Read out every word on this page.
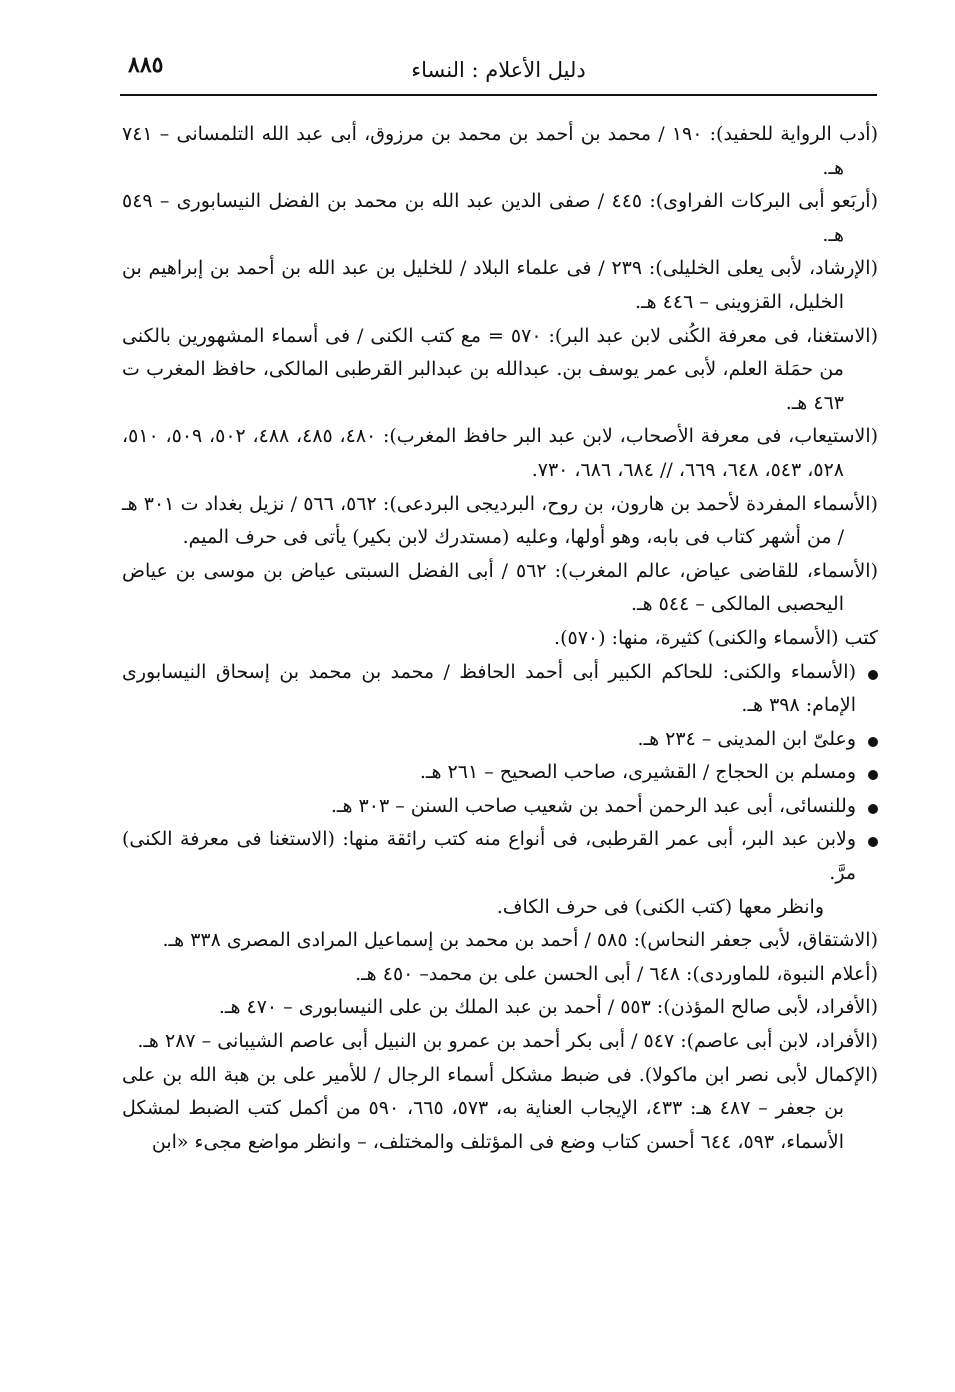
٨٨٥	دليل الأعلام : النساء

(أدب الرواية للحفيد): ١٩٠ / محمد بن أحمد بن محمد بن مرزوق، أبى عبد الله التلمسانى – ٧٤١ هـ.

(أربَعو أبى البركات الفراوى): ٤٤٥ / صفى الدين عبد الله بن محمد بن الفضل النيسابورى – ٥٤٩ هـ.

(الإرشاد، لأبى يعلى الخليلى): ٢٣٩ / فى علماء البلاد / للخليل بن عبد الله بن أحمد بن إبراهيم بن الخليل، القزوينى – ٤٤٦ هـ.

(الاستغنا، فى معرفة الكُنى لابن عبد البر): ٥٧٠ = مع كتب الكنى / فى أسماء المشهورين بالكنى من حمَلة العلم، لأبى عمر يوسف بن. عبدالله بن عبدالبر القرطبى المالكى، حافظ المغرب ت ٤٦٣ هـ.

(الاستيعاب، فى معرفة الأصحاب، لابن عبد البر حافظ المغرب): ٤٨٠، ٤٨٥، ٤٨٨، ٥٠٢، ٥٠٩، ٥١٠، ٥٢٨، ٥٤٣، ٦٤٨، ٦٦٩، // ٦٨٤، ٦٨٦، ٧٣٠.

(الأسماء المفردة لأحمد بن هارون، بن روح، البرديجى البردعى): ٥٦٢، ٥٦٦ / نزيل بغداد ت ٣٠١ هـ / من أشهر كتاب فى بابه، وهو أولها، وعليه (مستدرك لابن بكير) يأتى فى حرف الميم.

(الأسماء، للقاضى عياض، عالم المغرب): ٥٦٢ / أبى الفضل السبتى عياض بن موسى بن عياض اليحصبى المالكى – ٥٤٤ هـ.

كتب (الأسماء والكنى) كثيرة، منها: (٥٧٠).

(الأسماء والكنى: للحاكم الكبير أبى أحمد الحافظ / محمد بن محمد بن إسحاق النيسابورى الإمام: ٣٩٨ هـ.
وعلىّ ابن المدينى – ٢٣٤ هـ.
ومسلم بن الحجاج / القشيرى، صاحب الصحيح – ٢٦١ هـ.
وللنسائى، أبى عبد الرحمن أحمد بن شعيب صاحب السنن – ٣٠٣ هـ.
ولابن عبد البر، أبى عمر القرطبى، فى أنواع منه كتب رائقة منها: (الاستغنا فى معرفة الكنى) مرَّ.

وانظر معها (كتب الكنى) فى حرف الكاف.

(الاشتقاق، لأبى جعفر النحاس): ٥٨٥ / أحمد بن محمد بن إسماعيل المرادى المصرى ٣٣٨ هـ.

(أعلام النبوة، للماوردى): ٦٤٨ / أبى الحسن على بن محمد– ٤٥٠ هـ.

(الأفراد، لأبى صالح المؤذن): ٥٥٣ / أحمد بن عبد الملك بن على النيسابورى – ٤٧٠ هـ.

(الأفراد، لابن أبى عاصم): ٥٤٧ / أبى بكر أحمد بن عمرو بن النبيل أبى عاصم الشيبانى – ٢٨٧ هـ.

(الإكمال لأبى نصر ابن ماكولا). فى ضبط مشكل أسماء الرجال / للأمير على بن هبة الله بن على بن جعفر – ٤٨٧ هـ: ٤٣٣، الإيجاب العناية به، ٥٧٣، ٦٦٥، ٥٩٠ من أكمل كتب الضبط لمشكل الأسماء، ٥٩٣، ٦٤٤ أحسن كتاب وضع فى المؤتلف والمختلف، – وانظر مواضع مجىء «ابن
